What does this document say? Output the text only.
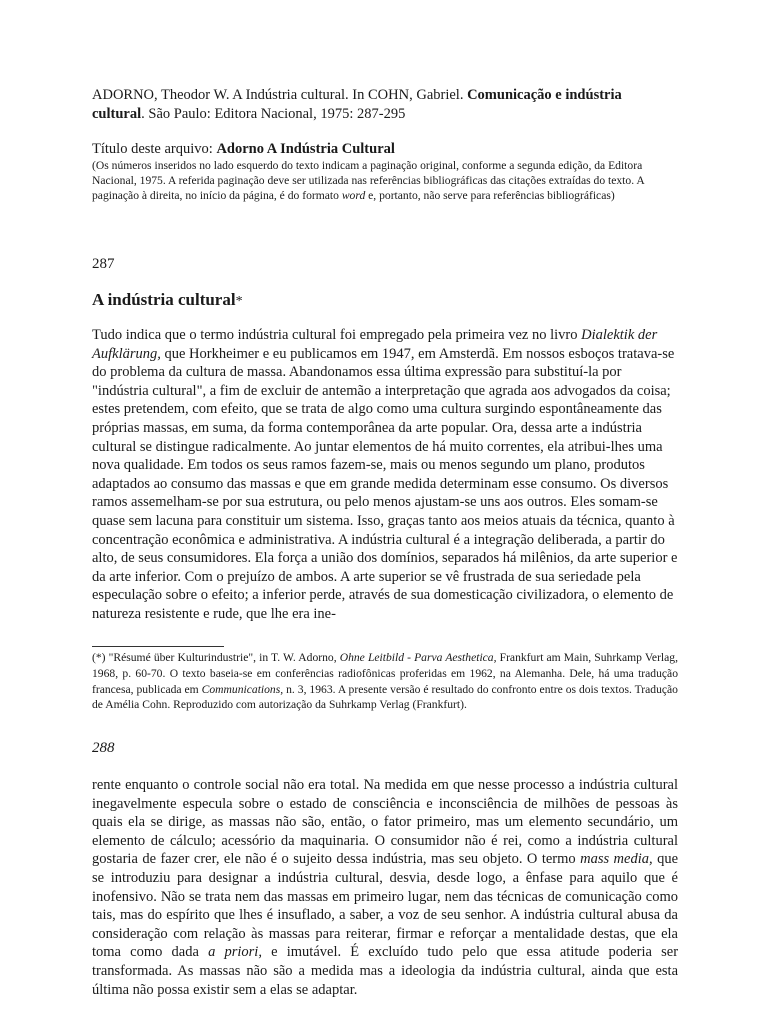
ADORNO, Theodor W. A Indústria cultural. In COHN, Gabriel. Comunicação e indústria cultural. São Paulo: Editora Nacional, 1975: 287-295
Título deste arquivo: Adorno A Indústria Cultural
(Os números inseridos no lado esquerdo do texto indicam a paginação original, conforme a segunda edição, da Editora Nacional, 1975. A referida paginação deve ser utilizada nas referências bibliográficas das citações extraídas do texto. A paginação à direita, no início da página, é do formato word e, portanto, não serve para referências bibliográficas)
287
A indústria cultural*
Tudo indica que o termo indústria cultural foi empregado pela primeira vez no livro Dialektik der Aufklärung, que Horkheimer e eu publicamos em 1947, em Amsterdã. Em nossos esboços tratava-se do problema da cultura de massa. Abandonamos essa última expressão para substituí-la por "indústria cultural", a fim de excluir de antemão a interpretação que agrada aos advogados da coisa; estes pretendem, com efeito, que se trata de algo como uma cultura surgindo espontâneamente das próprias massas, em suma, da forma contemporânea da arte popular. Ora, dessa arte a indústria cultural se distingue radicalmente. Ao juntar elementos de há muito correntes, ela atribui-lhes uma nova qualidade. Em todos os seus ramos fazem-se, mais ou menos segundo um plano, produtos adaptados ao consumo das massas e que em grande medida determinam esse consumo. Os diversos ramos assemelham-se por sua estrutura, ou pelo menos ajustam-se uns aos outros. Eles somam-se quase sem lacuna para constituir um sistema. Isso, graças tanto aos meios atuais da técnica, quanto à concentração econômica e administrativa. A indústria cultural é a integração deliberada, a partir do alto, de seus consumidores. Ela força a união dos domínios, separados há milênios, da arte superior e da arte inferior. Com o prejuízo de ambos. A arte superior se vê frustrada de sua seriedade pela especulação sobre o efeito; a inferior perde, através de sua domesticação civilizadora, o elemento de natureza resistente e rude, que lhe era ine-
(*) "Résumé über Kulturindustrie", in T. W. Adorno, Ohne Leitbild - Parva Aesthetica, Frankfurt am Main, Suhrkamp Verlag, 1968, p. 60-70. O texto baseia-se em conferências radiofônicas proferidas em 1962, na Alemanha. Dele, há uma tradução francesa, publicada em Communications, n. 3, 1963. A presente versão é resultado do confronto entre os dois textos. Tradução de Amélia Cohn. Reproduzido com autorização da Suhrkamp Verlag (Frankfurt).
288
rente enquanto o controle social não era total. Na medida em que nesse processo a indústria cultural inegavelmente especula sobre o estado de consciência e inconsciência de milhões de pessoas às quais ela se dirige, as massas não são, então, o fator primeiro, mas um elemento secundário, um elemento de cálculo; acessório da maquinaria. O consumidor não é rei, como a indústria cultural gostaria de fazer crer, ele não é o sujeito dessa indústria, mas seu objeto. O termo mass media, que se introduziu para designar a indústria cultural, desvia, desde logo, a ênfase para aquilo que é inofensivo. Não se trata nem das massas em primeiro lugar, nem das técnicas de comunicação como tais, mas do espírito que lhes é insuflado, a saber, a voz de seu senhor. A indústria cultural abusa da consideração com relação às massas para reiterar, firmar e reforçar a mentalidade destas, que ela toma como dada a priori, e imutável. É excluído tudo pelo que essa atitude poderia ser transformada. As massas não são a medida mas a ideologia da indústria cultural, ainda que esta última não possa existir sem a elas se adaptar.
